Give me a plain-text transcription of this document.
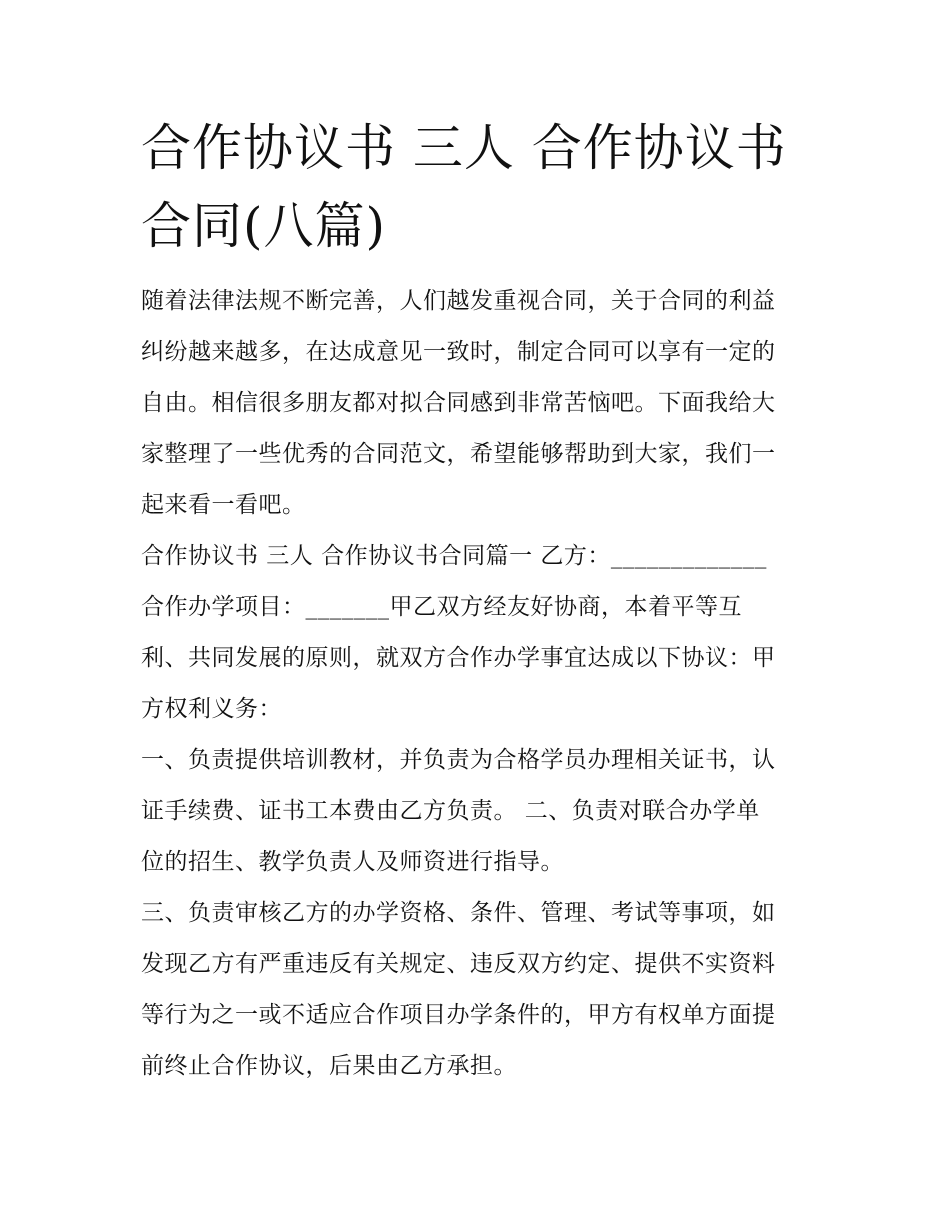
合作协议书 三人 合作协议书
合同(八篇)
随着法律法规不断完善，人们越发重视合同，关于合同的利益
纠纷越来越多，在达成意见一致时，制定合同可以享有一定的
自由。相信很多朋友都对拟合同感到非常苦恼吧。下面我给大
家整理了一些优秀的合同范文，希望能够帮助到大家，我们一
起来看一看吧。
合作协议书 三人 合作协议书合同篇一 乙方：_____________
合作办学项目：_______甲乙双方经友好协商，本着平等互
利、共同发展的原则，就双方合作办学事宜达成以下协议：甲
方权利义务：
一、负责提供培训教材，并负责为合格学员办理相关证书，认
证手续费、证书工本费由乙方负责。 二、负责对联合办学单
位的招生、教学负责人及师资进行指导。
三、负责审核乙方的办学资格、条件、管理、考试等事项，如
发现乙方有严重违反有关规定、违反双方约定、提供不实资料
等行为之一或不适应合作项目办学条件的，甲方有权单方面提
前终止合作协议，后果由乙方承担。
